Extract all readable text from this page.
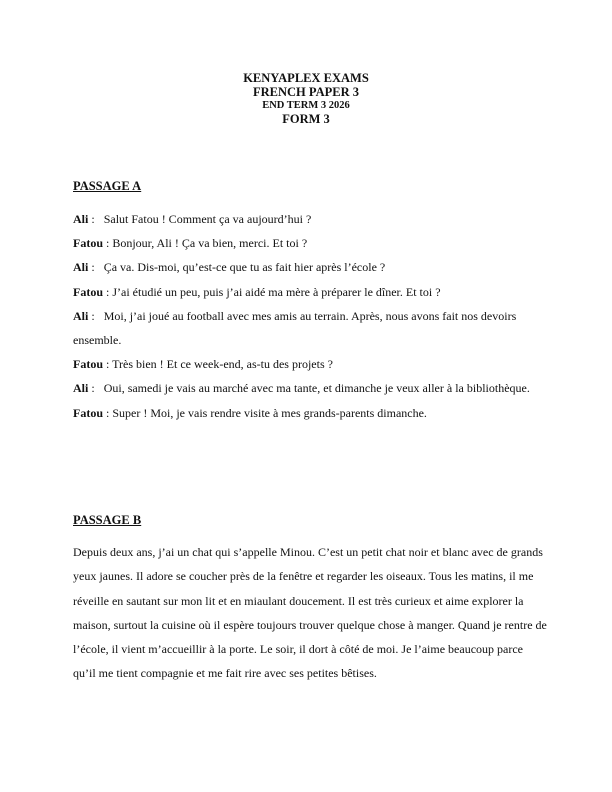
KENYAPLEX EXAMS
FRENCH PAPER 3
END TERM 3 2026
FORM 3
PASSAGE A

Ali :   Salut Fatou ! Comment ça va aujourd’hui ?

Fatou : Bonjour, Ali ! Ça va bien, merci. Et toi ?

Ali :   Ça va. Dis-moi, qu’est-ce que tu as fait hier après l’école ?

Fatou : J’ai étudié un peu, puis j’ai aidé ma mère à préparer le dîner. Et toi ?

Ali :   Moi, j’ai joué au football avec mes amis au terrain. Après, nous avons fait nos devoirs ensemble.

Fatou : Très bien ! Et ce week-end, as-tu des projets ?

Ali :   Oui, samedi je vais au marché avec ma tante, et dimanche je veux aller à la bibliothèque.

Fatou : Super ! Moi, je vais rendre visite à mes grands-parents dimanche.

PASSAGE B

Depuis deux ans, j’ai un chat qui s’appelle Minou. C’est un petit chat noir et blanc avec de grands yeux jaunes. Il adore se coucher près de la fenêtre et regarder les oiseaux. Tous les matins, il me réveille en sautant sur mon lit et en miaulant doucement. Il est très curieux et aime explorer la maison, surtout la cuisine où il espère toujours trouver quelque chose à manger. Quand je rentre de l’école, il vient m’accueillir à la porte. Le soir, il dort à côté de moi. Je l’aime beaucoup parce qu’il me tient compagnie et me fait rire avec ses petites bêtises.
